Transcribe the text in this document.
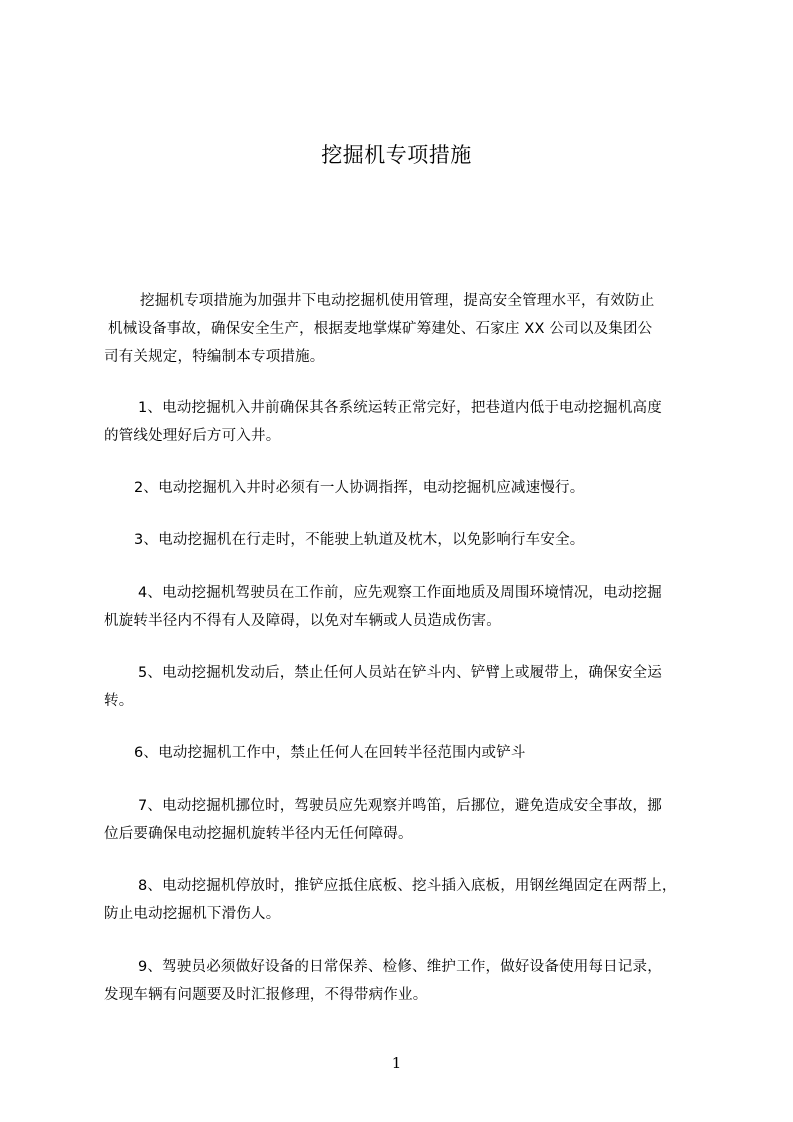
挖掘机专项措施
挖掘机专项措施为加强井下电动挖掘机使用管理，提高安全管理水平，有效防止
机械设备事故，确保安全生产，根据麦地掌煤矿筹建处、石家庄 XX 公司以及集团公
司有关规定，特编制本专项措施。
1、电动挖掘机入井前确保其各系统运转正常完好，把巷道内低于电动挖掘机高度
的管线处理好后方可入井。
2、电动挖掘机入井时必须有一人协调指挥，电动挖掘机应减速慢行。
3、电动挖掘机在行走时，不能驶上轨道及枕木，以免影响行车安全。
4、电动挖掘机驾驶员在工作前，应先观察工作面地质及周围环境情况，电动挖掘
机旋转半径内不得有人及障碍，以免对车辆或人员造成伤害。
5、电动挖掘机发动后，禁止任何人员站在铲斗内、铲臂上或履带上，确保安全运
转。
6、电动挖掘机工作中，禁止任何人在回转半径范围内或铲斗
7、电动挖掘机挪位时，驾驶员应先观察并鸣笛，后挪位，避免造成安全事故，挪
位后要确保电动挖掘机旋转半径内无任何障碍。
8、电动挖掘机停放时，推铲应抵住底板、挖斗插入底板，用钢丝绳固定在两帮上，
防止电动挖掘机下滑伤人。
9、驾驶员必须做好设备的日常保养、检修、维护工作，做好设备使用每日记录，
发现车辆有问题要及时汇报修理，不得带病作业。
1
